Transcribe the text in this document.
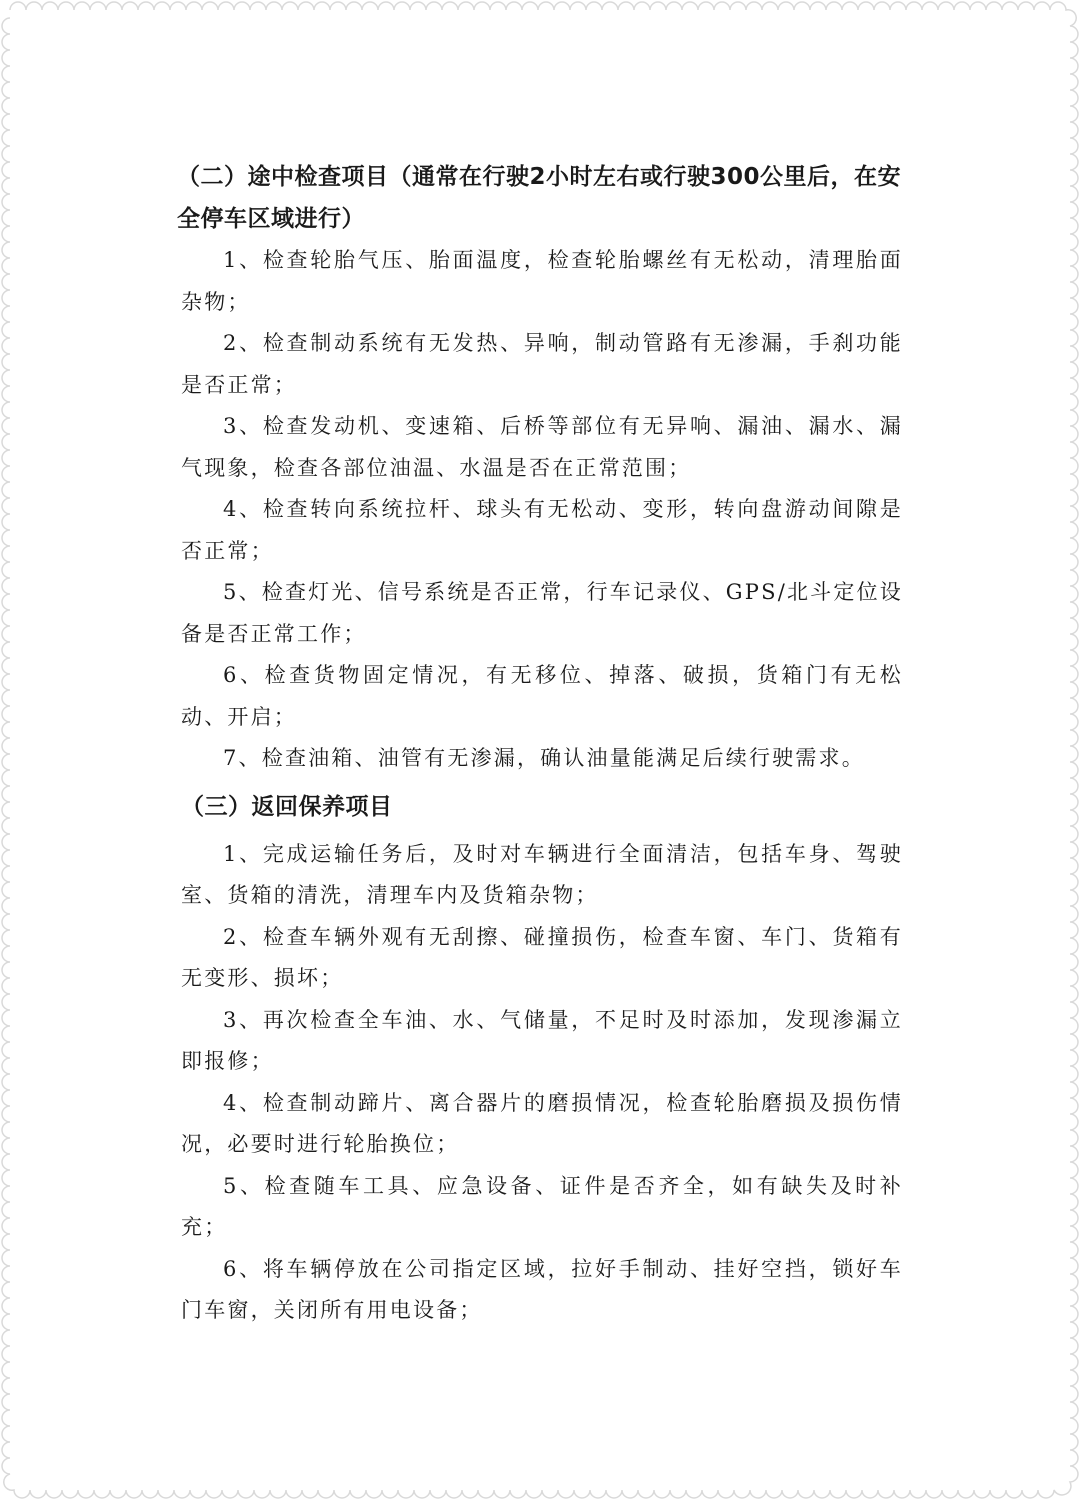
（二）途中检查项目（通常在行驶2小时左右或行驶300公里后，在安全停车区域进行）

1、检查轮胎气压、胎面温度，检查轮胎螺丝有无松动，清理胎面杂物；

2、检查制动系统有无发热、异响，制动管路有无渗漏，手刹功能是否正常；

3、检查发动机、变速箱、后桥等部位有无异响、漏油、漏水、漏气现象，检查各部位油温、水温是否在正常范围；

4、检查转向系统拉杆、球头有无松动、变形，转向盘游动间隙是否正常；

5、检查灯光、信号系统是否正常，行车记录仪、GPS/北斗定位设备是否正常工作；

6、检查货物固定情况，有无移位、掉落、破损，货箱门有无松动、开启；

7、检查油箱、油管有无渗漏，确认油量能满足后续行驶需求。

（三）返回保养项目

1、完成运输任务后，及时对车辆进行全面清洁，包括车身、驾驶室、货箱的清洗，清理车内及货箱杂物；

2、检查车辆外观有无刮擦、碰撞损伤，检查车窗、车门、货箱有无变形、损坏；

3、再次检查全车油、水、气储量，不足时及时添加，发现渗漏立即报修；

4、检查制动蹄片、离合器片的磨损情况，检查轮胎磨损及损伤情况，必要时进行轮胎换位；

5、检查随车工具、应急设备、证件是否齐全，如有缺失及时补充；

6、将车辆停放在公司指定区域，拉好手制动、挂好空挡，锁好车门车窗，关闭所有用电设备；
